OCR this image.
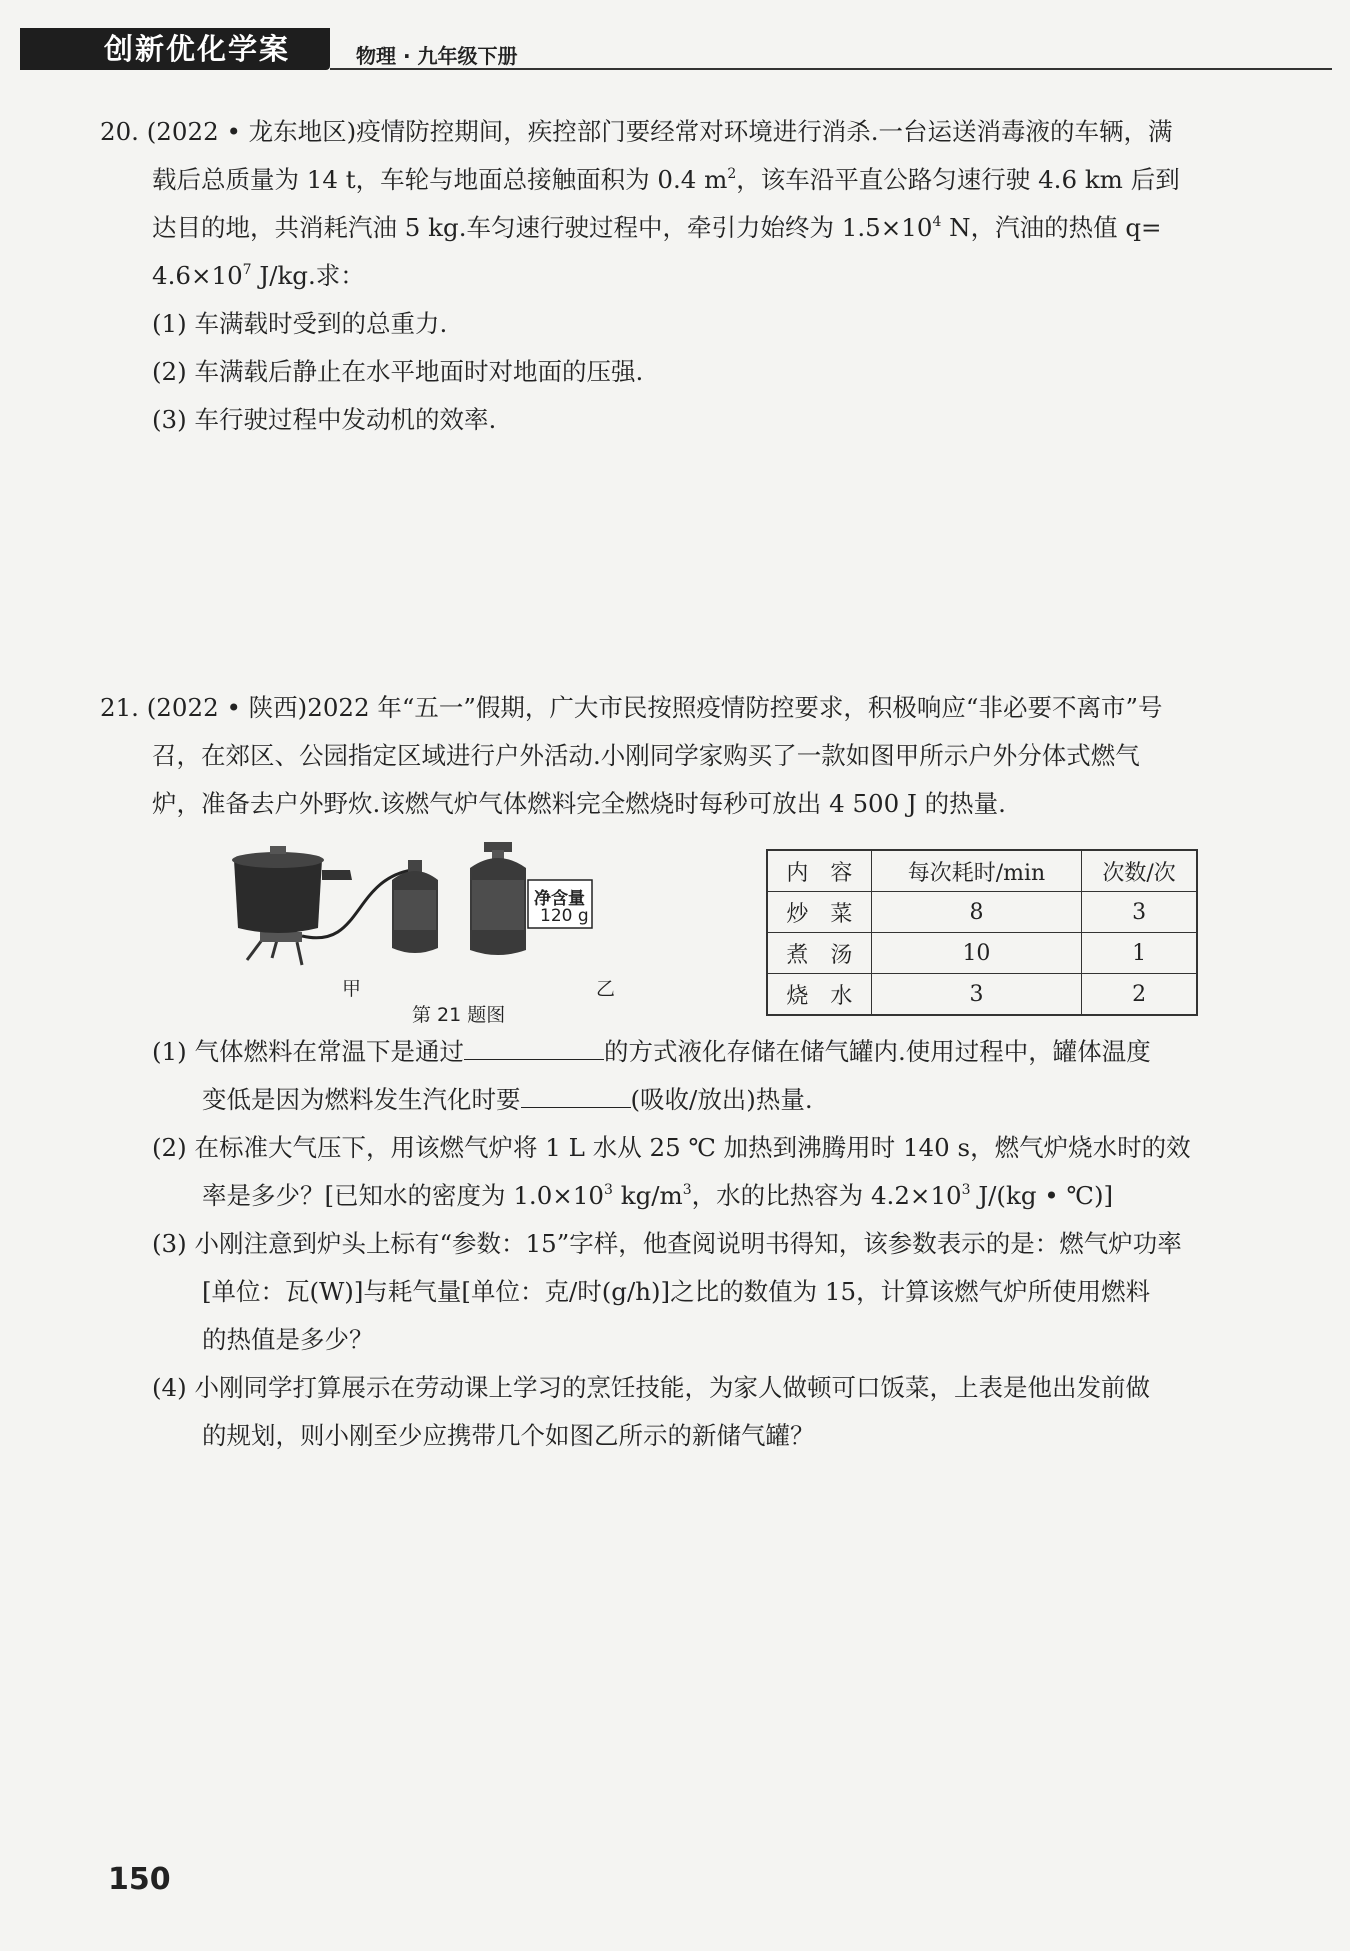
创新优化学案	物理 · 九年级下册

20. (2022 • 龙东地区)疫情防控期间，疾控部门要经常对环境进行消杀.一台运送消毒液的车辆，满

载后总质量为 14 t，车轮与地面总接触面积为 0.4 $m^2$，该车沿平直公路匀速行驶 4.6 km 后到

达目的地，共消耗汽油 5 kg.车匀速行驶过程中，牵引力始终为 $1.5\times 10^4$ N，汽油的热值 q=

$4.6\times 10^7$ J/kg.求：

(1) 车满载时受到的总重力.

(2) 车满载后静止在水平地面时对地面的压强.

(3) 车行驶过程中发动机的效率.

21. (2022 • 陕西)2022 年“五一”假期，广大市民按照疫情防控要求，积极响应“非必要不离市”号

召，在郊区、公园指定区域进行户外活动.小刚同学家购买了一款如图甲所示户外分体式燃气

炉，准备去户外野炊.该燃气炉气体燃料完全燃烧时每秒可放出 4 500 J 的热量.

净含量
120 g
甲	乙
第 21 题图
内　容	每次耗时/min	次数/次
炒　菜	8	3
煮　汤	10	1
烧　水	3	2

(1) 气体燃料在常温下是通过	的方式液化存储在储气罐内.使用过程中，罐体温度

变低是因为燃料发生汽化时要	(吸收/放出)热量.

(2) 在标准大气压下，用该燃气炉将 1 L 水从 25 ℃ 加热到沸腾用时 140 s，燃气炉烧水时的效

率是多少？[已知水的密度为 $1.0\times 10^3$ $kg/m^3$，水的比热容为 $4.2\times 10^3$ J/(kg • ℃)]

(3) 小刚注意到炉头上标有“参数：15”字样，他查阅说明书得知，该参数表示的是：燃气炉功率

[单位：瓦(W)]与耗气量[单位：克/时(g/h)]之比的数值为 15，计算该燃气炉所使用燃料

的热值是多少？

(4) 小刚同学打算展示在劳动课上学习的烹饪技能，为家人做顿可口饭菜，上表是他出发前做

的规划，则小刚至少应携带几个如图乙所示的新储气罐？

150
